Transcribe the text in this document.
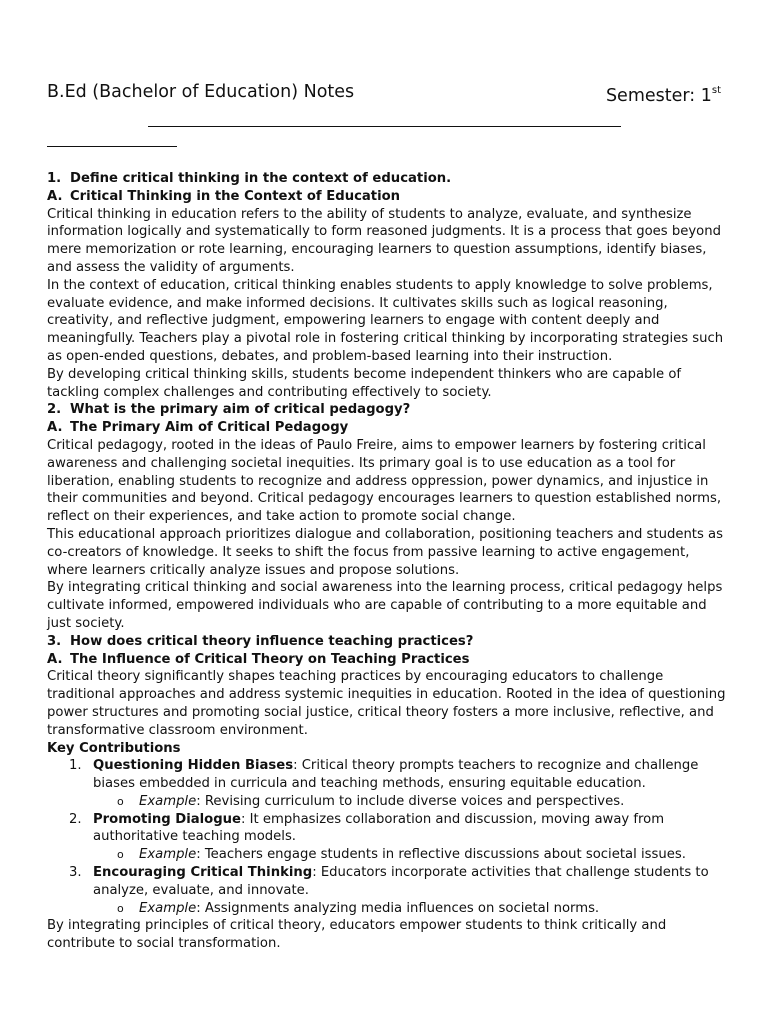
B.Ed (Bachelor of Education) Notes	Semester: 1st
1. Define critical thinking in the context of education.
A. Critical Thinking in the Context of Education

Critical thinking in education refers to the ability of students to analyze, evaluate, and synthesize information logically and systematically to form reasoned judgments. It is a process that goes beyond mere memorization or rote learning, encouraging learners to question assumptions, identify biases, and assess the validity of arguments.

In the context of education, critical thinking enables students to apply knowledge to solve problems, evaluate evidence, and make informed decisions. It cultivates skills such as logical reasoning, creativity, and reflective judgment, empowering learners to engage with content deeply and meaningfully. Teachers play a pivotal role in fostering critical thinking by incorporating strategies such as open-ended questions, debates, and problem-based learning into their instruction.

By developing critical thinking skills, students become independent thinkers who are capable of tackling complex challenges and contributing effectively to society.

2. What is the primary aim of critical pedagogy?
A. The Primary Aim of Critical Pedagogy

Critical pedagogy, rooted in the ideas of Paulo Freire, aims to empower learners by fostering critical awareness and challenging societal inequities. Its primary goal is to use education as a tool for liberation, enabling students to recognize and address oppression, power dynamics, and injustice in their communities and beyond. Critical pedagogy encourages learners to question established norms, reflect on their experiences, and take action to promote social change.

This educational approach prioritizes dialogue and collaboration, positioning teachers and students as co-creators of knowledge. It seeks to shift the focus from passive learning to active engagement, where learners critically analyze issues and propose solutions.

By integrating critical thinking and social awareness into the learning process, critical pedagogy helps cultivate informed, empowered individuals who are capable of contributing to a more equitable and just society.

3. How does critical theory influence teaching practices?
A. The Influence of Critical Theory on Teaching Practices

Critical theory significantly shapes teaching practices by encouraging educators to challenge traditional approaches and address systemic inequities in education. Rooted in the idea of questioning power structures and promoting social justice, critical theory fosters a more inclusive, reflective, and transformative classroom environment.

Key Contributions
1. Questioning Hidden Biases: Critical theory prompts teachers to recognize and challenge biases embedded in curricula and teaching methods, ensuring equitable education.
o	Example: Revising curriculum to include diverse voices and perspectives.
2. Promoting Dialogue: It emphasizes collaboration and discussion, moving away from authoritative teaching models.
o	Example: Teachers engage students in reflective discussions about societal issues.
3. Encouraging Critical Thinking: Educators incorporate activities that challenge students to analyze, evaluate, and innovate.
o	Example: Assignments analyzing media influences on societal norms.

By integrating principles of critical theory, educators empower students to think critically and contribute to social transformation.
